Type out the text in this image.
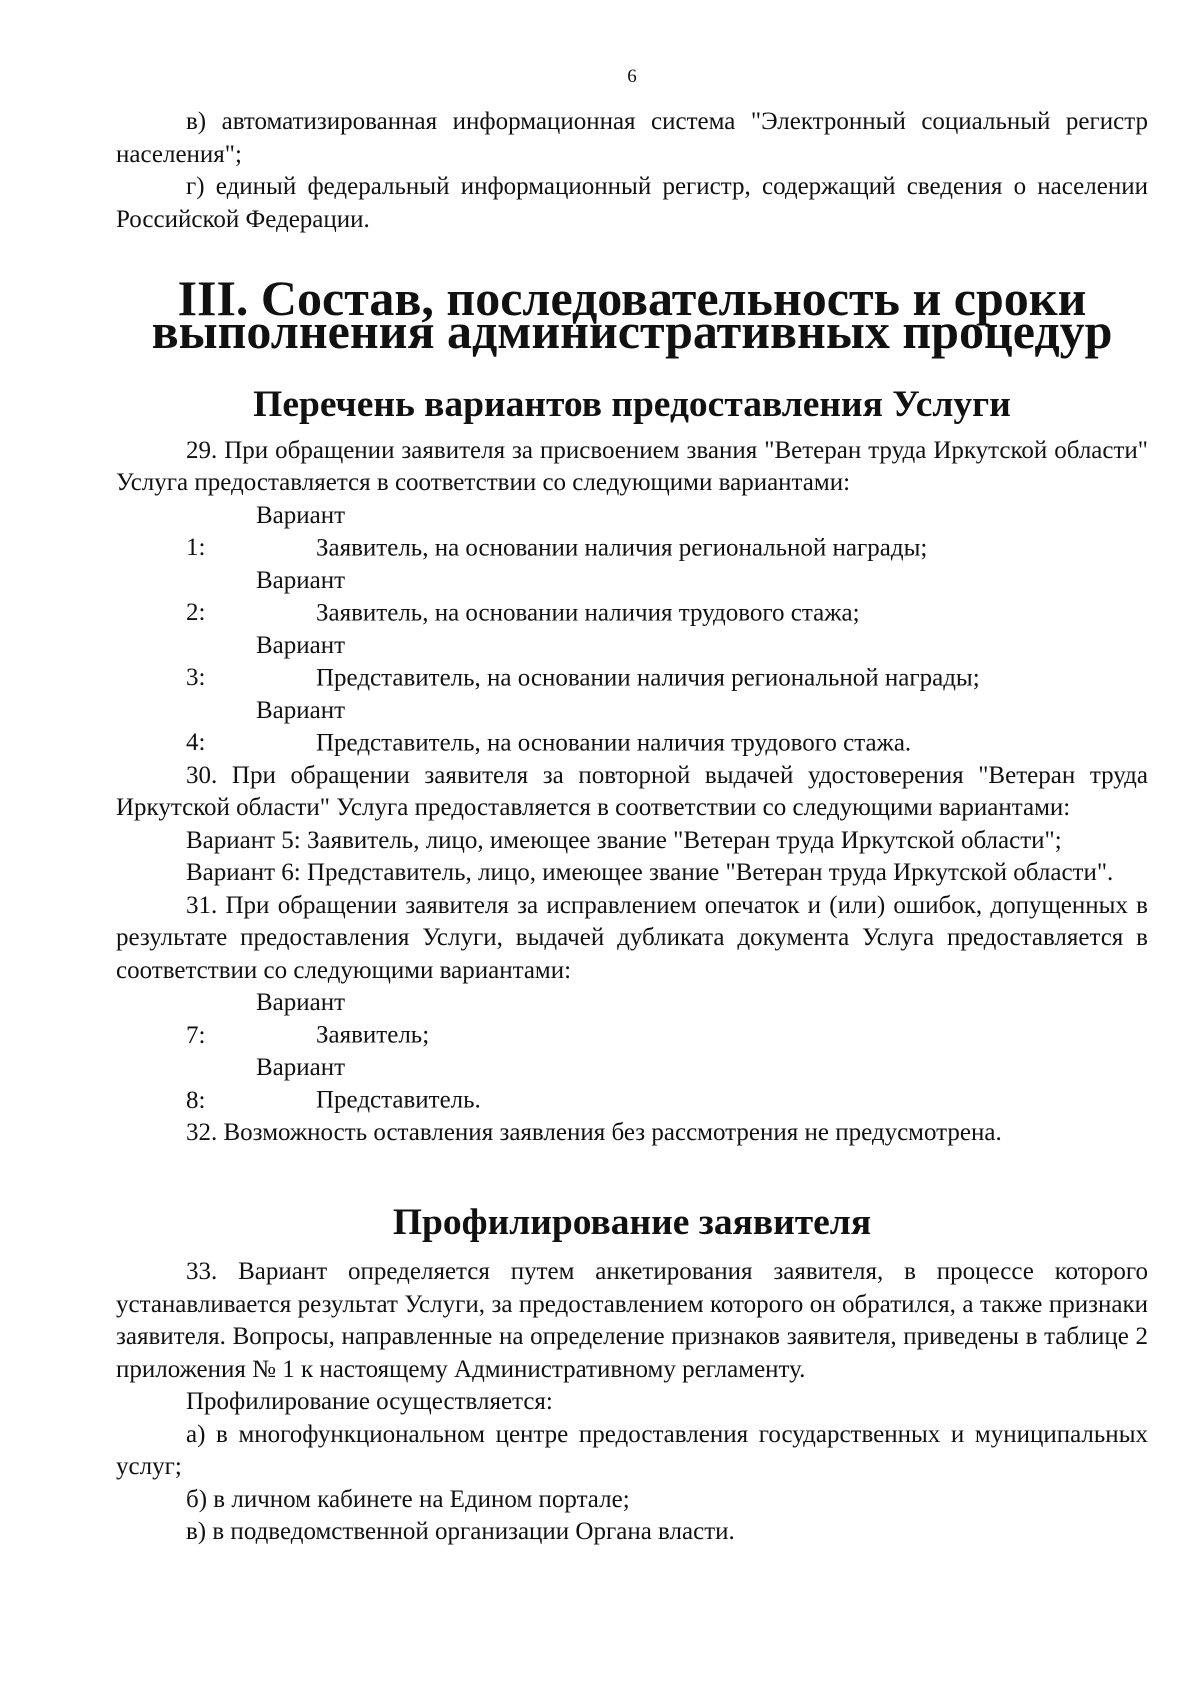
6

в) автоматизированная информационная система "Электронный социальный регистр населения";

г) единый федеральный информационный регистр, содержащий сведения о населении Российской Федерации.

III. Состав, последовательность и сроки выполнения административных процедур
Перечень вариантов предоставления Услуги

29. При обращении заявителя за присвоением звания "Ветеран труда Иркутской области" Услуга предоставляется в соответствии со следующими вариантами:

Вариант 1:	Заявитель, на основании наличия региональной награды;

Вариант 2:	Заявитель, на основании наличия трудового стажа;

Вариант 3:	Представитель, на основании наличия региональной награды;

Вариант 4:	Представитель, на основании наличия трудового стажа.

30. При обращении заявителя за повторной выдачей удостоверения "Ветеран труда Иркутской области" Услуга предоставляется в соответствии со следующими вариантами:

Вариант 5: Заявитель, лицо, имеющее звание "Ветеран труда Иркутской области";

Вариант 6: Представитель, лицо, имеющее звание "Ветеран труда Иркутской области".

31. При обращении заявителя за исправлением опечаток и (или) ошибок, допущенных в результате предоставления Услуги, выдачей дубликата документа Услуга предоставляется в соответствии со следующими вариантами:

Вариант 7:	Заявитель;

Вариант 8:	Представитель.

32. Возможность оставления заявления без рассмотрения не предусмотрена.

Профилирование заявителя

33. Вариант определяется путем анкетирования заявителя, в процессе которого устанавливается результат Услуги, за предоставлением которого он обратился, а также признаки заявителя. Вопросы, направленные на определение признаков заявителя, приведены в таблице 2 приложения № 1 к настоящему Административному регламенту.

Профилирование осуществляется:

а) в многофункциональном центре предоставления государственных и муниципальных услуг;

б) в личном кабинете на Едином портале;

в) в подведомственной организации Органа власти.
